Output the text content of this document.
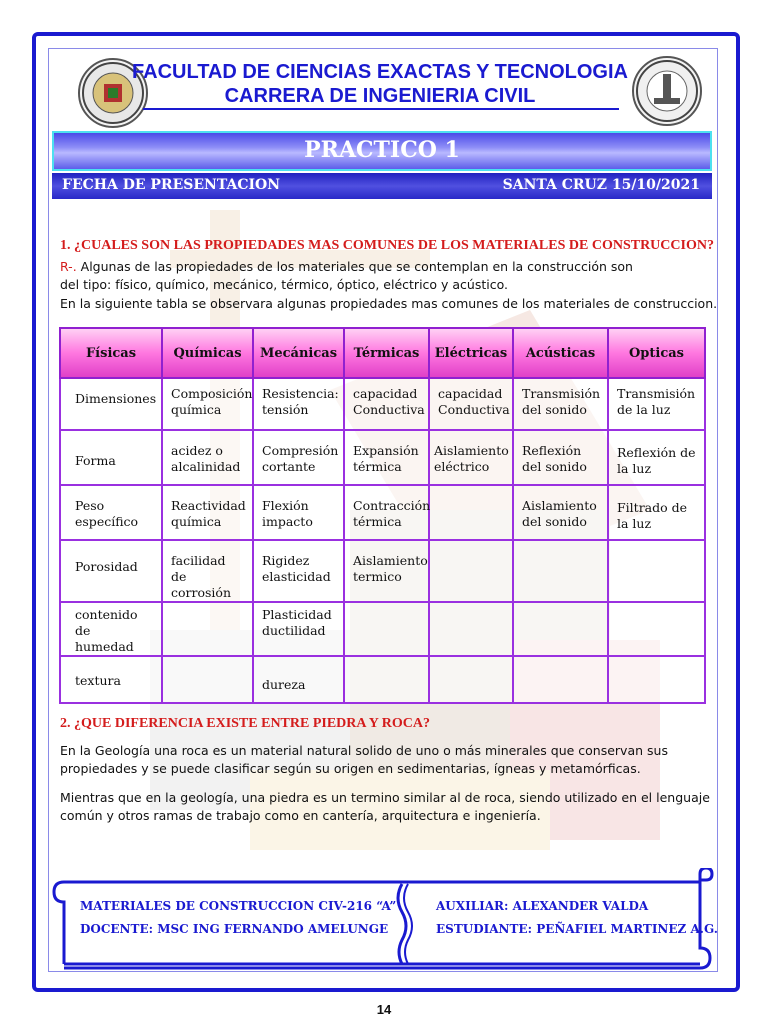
FACULTAD DE CIENCIAS EXACTAS Y TECNOLOGIA
CARRERA DE INGENIERIA CIVIL
PRACTICO 1
FECHA DE PRESENTACION	SANTA CRUZ 15/10/2021
1. ¿CUALES SON LAS PROPIEDADES MAS COMUNES DE LOS MATERIALES DE CONSTRUCCION?
R-. Algunas de las propiedades de los materiales que se contemplan en la construcción son
del tipo: físico, químico, mecánico, térmico, óptico, eléctrico y acústico.
En la siguiente tabla se observara algunas propiedades mas comunes de los materiales de construccion.
Físicas	Químicas	Mecánicas	Térmicas	Eléctricas	Acústicas	Opticas
Dimensiones	Composición química	Resistencia: tensión	capacidad Conductiva	capacidad Conductiva	Transmisión del sonido	Transmisión de la luz
Forma	acidez o alcalinidad	Compresión cortante	Expansión térmica	Aislamiento eléctrico	Reflexión del sonido	Reflexión de la luz
Peso específico	Reactividad química	Flexión impacto	Contracción térmica		Aislamiento del sonido	Filtrado de la luz
Porosidad	facilidad de corrosión	Rigidez elasticidad	Aislamiento termico			
contenido de humedad		Plasticidad ductilidad				
textura		dureza				
2. ¿QUE DIFERENCIA EXISTE ENTRE PIEDRA Y ROCA?
En la Geología una roca es un material natural solido de uno o más minerales que conservan sus
propiedades y se puede clasificar según su origen en sedimentarias, ígneas y metamórficas.
Mientras que en la geología, una piedra es un termino similar al de roca, siendo utilizado en el lenguaje
común y otros ramas de trabajo como en cantería, arquitectura e ingeniería.
MATERIALES DE CONSTRUCCION CIV-216 “A”
DOCENTE: MSC ING FERNANDO AMELUNGE
AUXILIAR: ALEXANDER VALDA
ESTUDIANTE: PEÑAFIEL MARTINEZ A.G.
14
